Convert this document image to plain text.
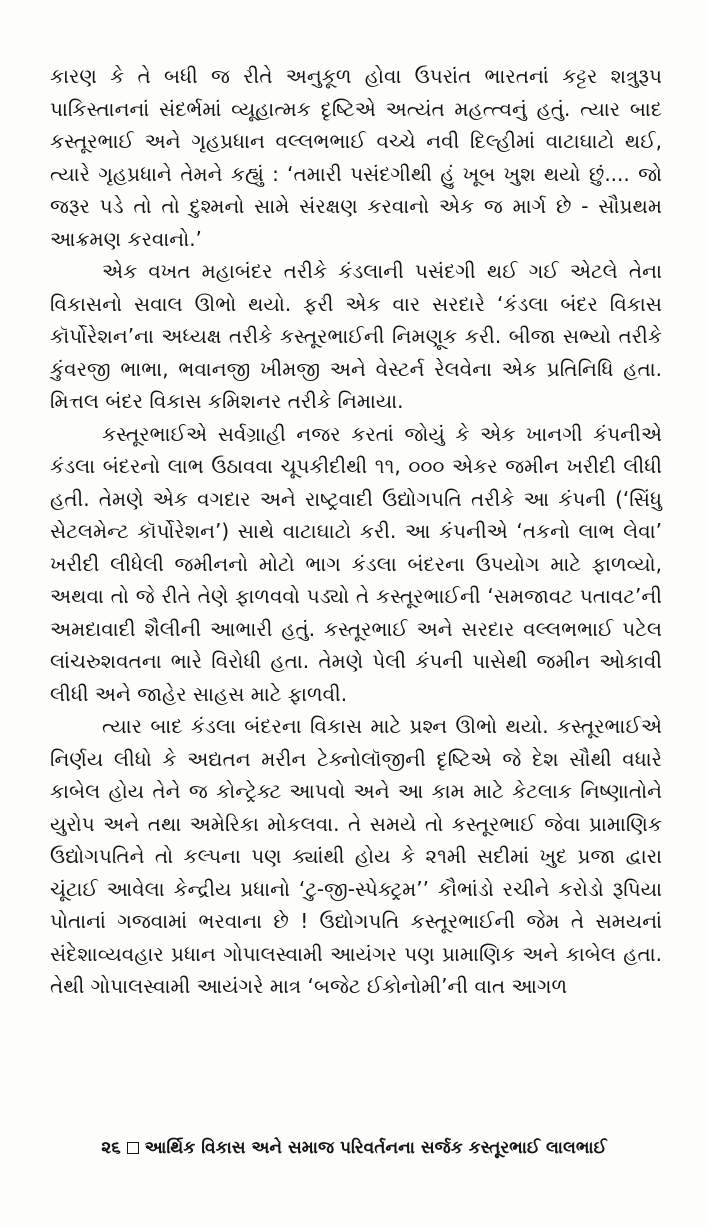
કારણ કે તે બધી જ રીતે અનુકૂળ હોવા ઉપરાંત ભારતનાં કટ્ટર શત્રુરૂપ પાકિસ્તાનનાં સંદર્ભમાં વ્યૂહાત્મક દૃષ્ટિએ અત્યંત મહત્ત્વનું હતું. ત્યાર બાદ કસ્તૂરભાઈ અને ગૃહપ્રધાન વલ્લભભાઈ વચ્ચે નવી દિલ્હીમાં વાટાઘાટો થઈ, ત્યારે ગૃહપ્રધાને તેમને કહ્યું : ‘તમારી પસંદગીથી હું ખૂબ ખુશ થયો છું.... જો જરૂર પડે તો તો દુશ્મનો સામે સંરક્ષણ કરવાનો એક જ માર્ગ છે - સૌપ્રથમ આક્રમણ કરવાનો.’

એક વખત મહાબંદર તરીકે કંડલાની પસંદગી થઈ ગઈ એટલે તેના વિકાસનો સવાલ ઊભો થયો. ફરી એક વાર સરદારે ‘કંડલા બંદર વિકાસ કૉર્પોરેશન’ના અધ્યક્ષ તરીકે કસ્તૂરભાઈની નિમણૂક કરી. બીજા સભ્યો તરીકે કુંવરજી ભાભા, ભવાનજી ખીમજી અને વેસ્ટર્ન રેલવેના એક પ્રતિનિધિ હતા. મિત્તલ બંદર વિકાસ કમિશનર તરીકે નિમાયા.

કસ્તૂરભાઈએ સર્વગ્રાહી નજર કરતાં જોયું કે એક ખાનગી કંપનીએ કંડલા બંદરનો લાભ ઉઠાવવા ચૂપકીદીથી ૧૧, ૦૦૦ એકર જમીન ખરીદી લીધી હતી. તેમણે એક વગદાર અને રાષ્ટ્રવાદી ઉદ્યોગપતિ તરીકે આ કંપની (‘સિંધુ સેટલમેન્ટ કૉર્પોરેશન’) સાથે વાટાઘાટો કરી. આ કંપનીએ ‘તકનો લાભ લેવા’ ખરીદી લીધેલી જમીનનો મોટો ભાગ કંડલા બંદરના ઉપયોગ માટે ફાળવ્યો, અથવા તો જે રીતે તેણે ફાળવવો પડ્યો તે કસ્તૂરભાઈની ‘સમજાવટ પતાવટ’ની અમદાવાદી શૈલીની આભારી હતું. કસ્તૂરભાઈ અને સરદાર વલ્લભભાઈ પટેલ લાંચરુશવતના ભારે વિરોધી હતા. તેમણે પેલી કંપની પાસેથી જમીન ઓકાવી લીધી અને જાહેર સાહસ માટે ફાળવી.

ત્યાર બાદ કંડલા બંદરના વિકાસ માટે પ્રશ્ન ઊભો થયો. કસ્તૂરભાઈએ નિર્ણય લીધો કે અદ્યતન મરીન ટેક્નોલૉજીની દૃષ્ટિએ જે દેશ સૌથી વધારે કાબેલ હોય તેને જ કોન્ટ્રેક્ટ આપવો અને આ કામ માટે કેટલાક નિષ્ણાતોને યુરોપ અને તથા અમેરિકા મોકલવા. તે સમયે તો કસ્તૂરભાઈ જેવા પ્રામાણિક ઉદ્યોગપતિને તો કલ્પના પણ ક્યાંથી હોય કે ૨૧મી સદીમાં ખુદ પ્રજા દ્વારા ચૂંટાઈ આવેલા કેન્દ્રીય પ્રધાનો ‘ટુ-જી-સ્પેક્ટ્રમ’’ કૌભાંડો રચીને કરોડો રૂપિયા પોતાનાં ગજવામાં ભરવાના છે ! ઉદ્યોગપતિ કસ્તૂરભાઈની જેમ તે સમયનાં સંદેશાવ્યવહાર પ્રધાન ગોપાલસ્વામી આયંગર પણ પ્રામાણિક અને કાબેલ હતા. તેથી ગોપાલસ્વામી આયંગરે માત્ર ‘બજેટ ઈકોનોમી’ની વાત આગળ

૨૬ આર્થિક વિકાસ અને સમાજ પરિવર્તનના સર્જક કસ્તૂરભાઈ લાલભાઈ
